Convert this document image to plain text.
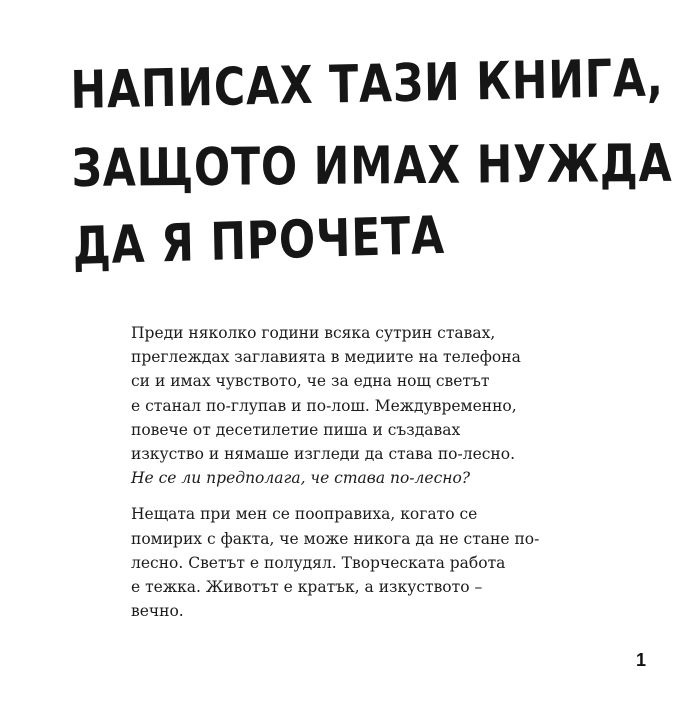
НАПИСАХ ТАЗИ КНИГА,
ЗАЩОТО ИМАХ НУЖДА
ДА Я ПРОЧЕТА

Преди няколко години всяка сутрин ставах,
преглеждах заглавията в медиите на телефона
си и имах чувството, че за една нощ светът
е станал по-глупав и по-лош. Междувременно,
повече от десетилетие пиша и създавах
изкуство и нямаше изгледи да става по-лесно.
Не се ли предполага, че става по-лесно?

Нещата при мен се пооправиха, когато се
помирих с факта, че може никога да не стане по-
лесно. Светът е полудял. Творческата работа
е тежка. Животът е кратък, а изкуството –
вечно.

1
